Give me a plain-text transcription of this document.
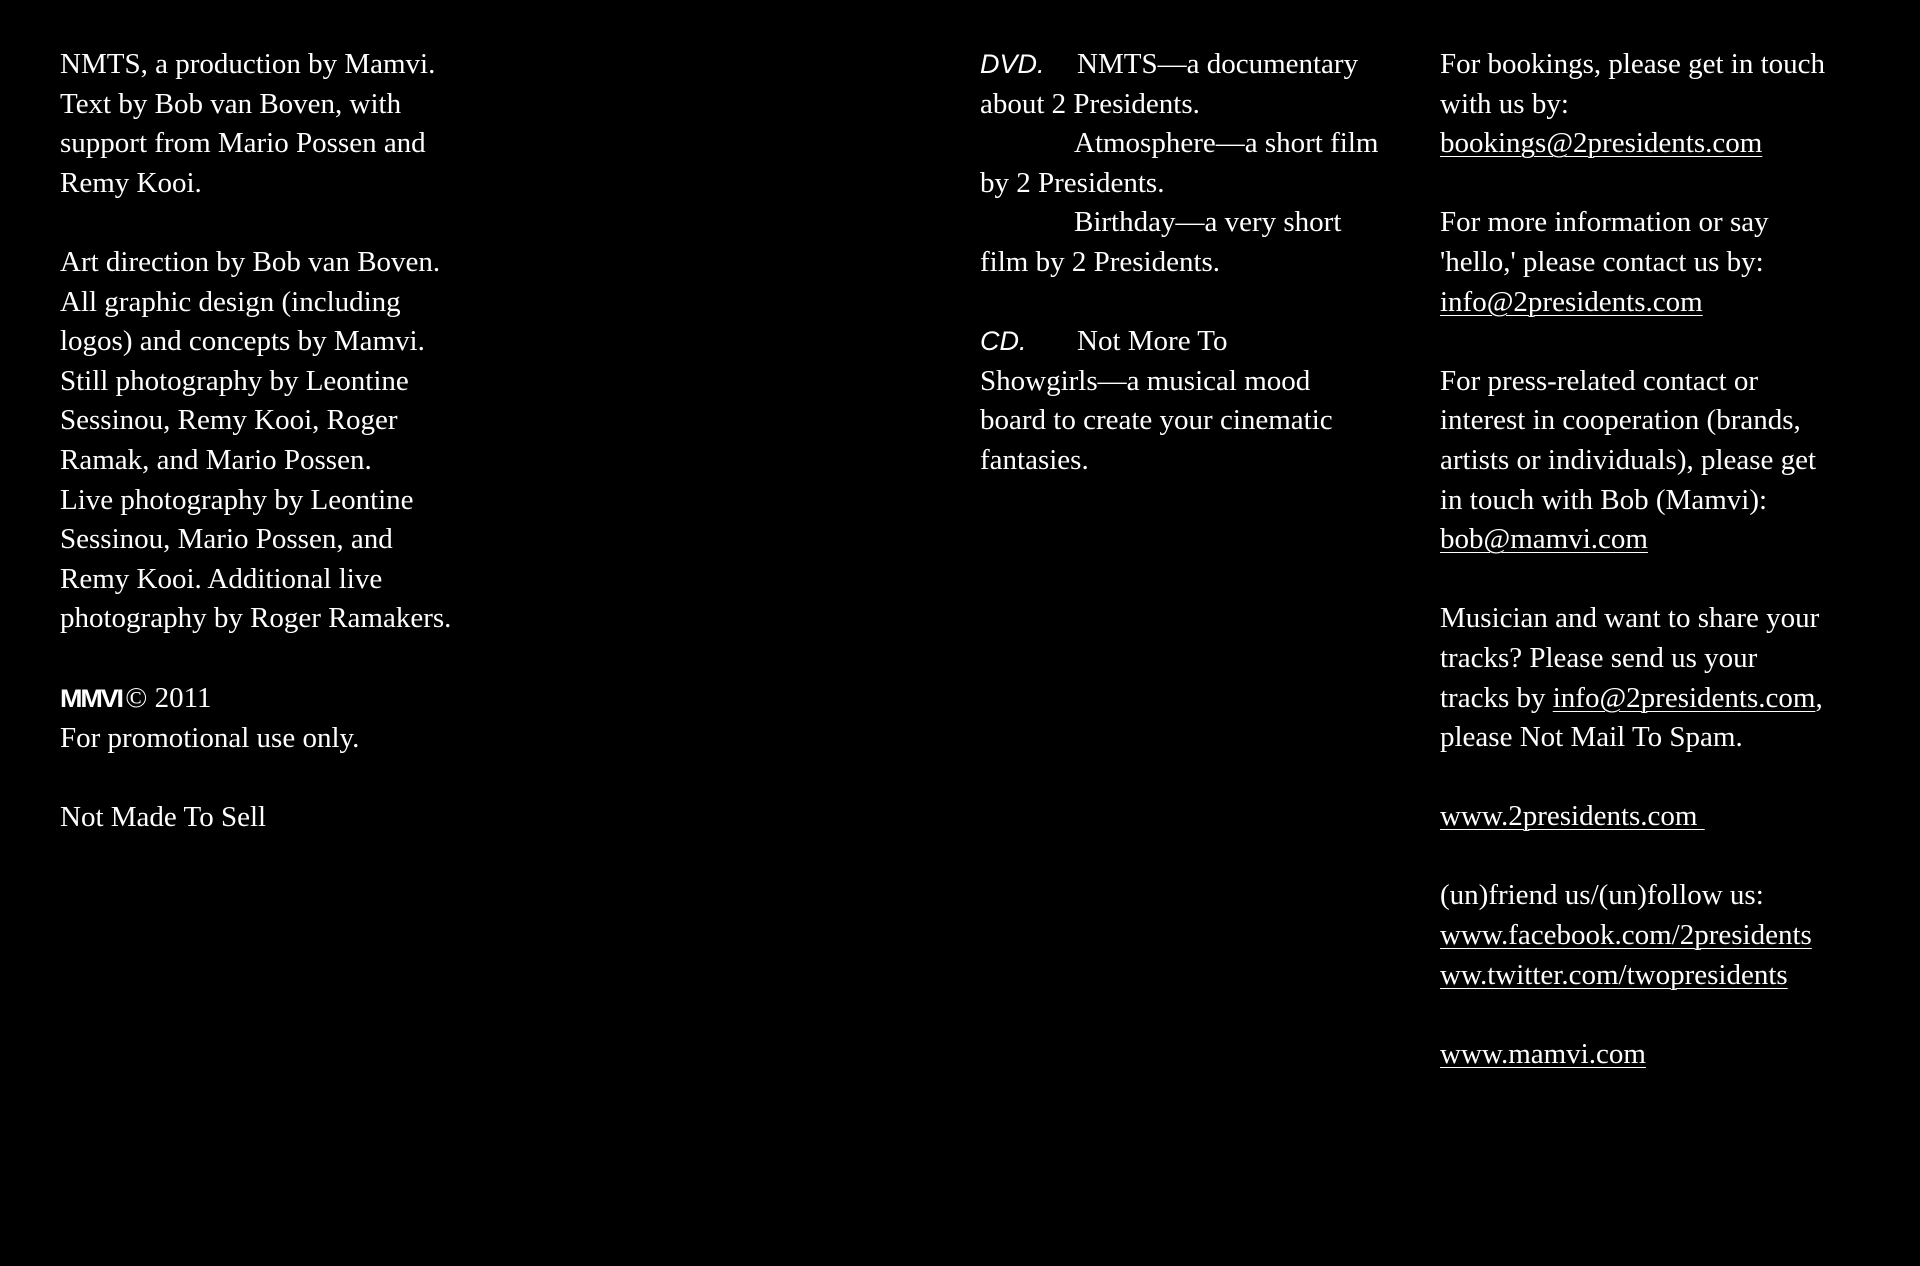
NMTS, a production by Mamvi.
Text by Bob van Boven, with
support from Mario Possen and
Remy Kooi.

Art direction by Bob van Boven.
All graphic design (including
logos) and concepts by Mamvi.
Still photography by Leontine
Sessinou, Remy Kooi, Roger
Ramak, and Mario Possen.
Live photography by Leontine
Sessinou, Mario Possen, and
Remy Kooi. Additional live
photography by Roger Ramakers.

MMVI © 2011
For promotional use only.

Not Made To Sell

DVD. NMTS—a documentary
about 2 Presidents.
Atmosphere—a short film
by 2 Presidents.
Birthday—a very short
film by 2 Presidents.

CD. Not More To
Showgirls—a musical mood
board to create your cinematic
fantasies.

For bookings, please get in touch
with us by:
bookings@2presidents.com

For more information or say
'hello,' please contact us by:
info@2presidents.com

For press-related contact or
interest in cooperation (brands,
artists or individuals), please get
in touch with Bob (Mamvi):
bob@mamvi.com

Musician and want to share your
tracks? Please send us your
tracks by info@2presidents.com,
please Not Mail To Spam.

www.2presidents.com

(un)friend us/(un)follow us:
www.facebook.com/2presidents
ww.twitter.com/twopresidents

www.mamvi.com
